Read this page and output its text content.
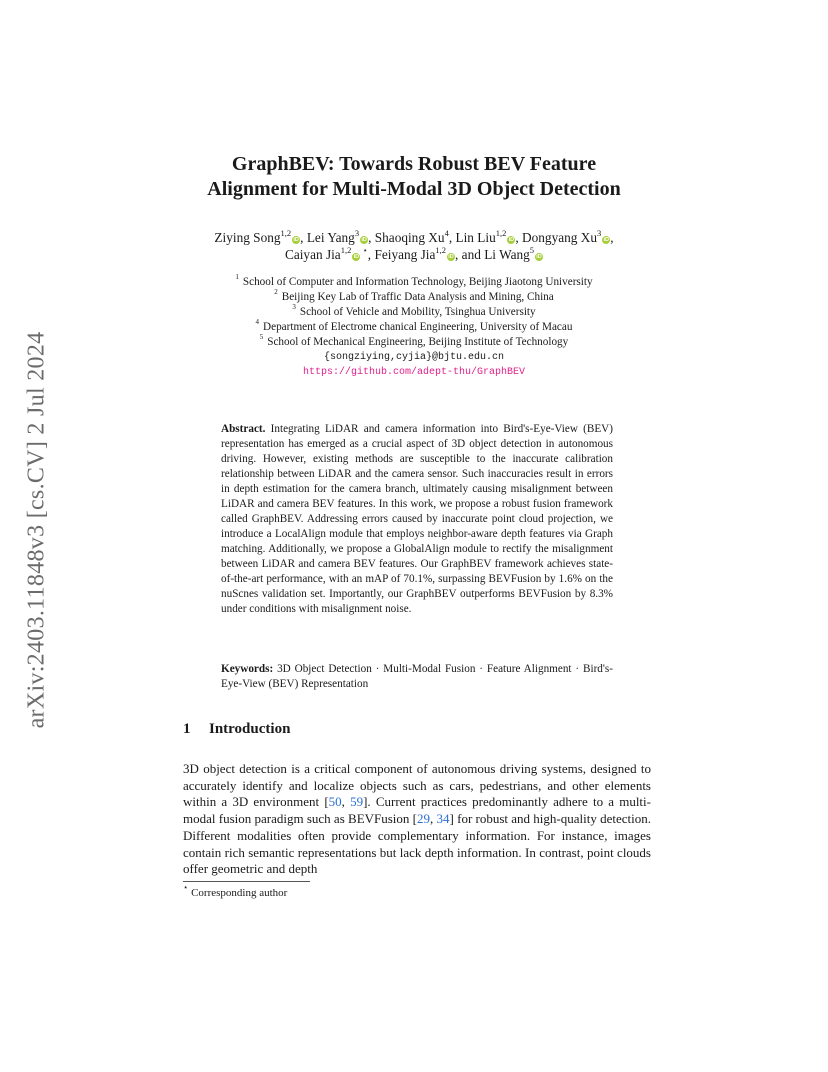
arXiv:2403.11848v3 [cs.CV] 2 Jul 2024
GraphBEV: Towards Robust BEV Feature
Alignment for Multi-Modal 3D Object Detection
Ziying Song$^{1,2}$iD, Lei Yang$^3$iD, Shaoqing Xu$^4$, Lin Liu$^{1,2}$iD, Dongyang Xu$^3$iD,
Caiyan Jia$^{1,2}$iD ⋆, Feiyang Jia$^{1,2}$iD, and Li Wang$^5$iD
$^1$ School of Computer and Information Technology, Beijing Jiaotong University
$^2$ Beijing Key Lab of Traffic Data Analysis and Mining, China
$^3$ School of Vehicle and Mobility, Tsinghua University
$^4$ Department of Electrome chanical Engineering, University of Macau
$^5$ School of Mechanical Engineering, Beijing Institute of Technology
{songziying,cyjia}@bjtu.edu.cn
https://github.com/adept-thu/GraphBEV
Abstract. Integrating LiDAR and camera information into Bird's-Eye-View (BEV) representation has emerged as a crucial aspect of 3D object detection in autonomous driving. However, existing methods are susceptible to the inaccurate calibration relationship between LiDAR and the camera sensor. Such inaccuracies result in errors in depth estimation for the camera branch, ultimately causing misalignment between LiDAR and camera BEV features. In this work, we propose a robust fusion framework called GraphBEV. Addressing errors caused by inaccurate point cloud projection, we introduce a LocalAlign module that employs neighbor-aware depth features via Graph matching. Additionally, we propose a GlobalAlign module to rectify the misalignment between LiDAR and camera BEV features. Our GraphBEV framework achieves state-of-the-art performance, with an mAP of 70.1%, surpassing BEVFusion by 1.6% on the nuScnes validation set. Importantly, our GraphBEV outperforms BEVFusion by 8.3% under conditions with misalignment noise.
Keywords: 3D Object Detection · Multi-Modal Fusion · Feature Alignment · Bird's-Eye-View (BEV) Representation
1 Introduction
3D object detection is a critical component of autonomous driving systems, designed to accurately identify and localize objects such as cars, pedestrians, and other elements within a 3D environment [50, 59]. Current practices predominantly adhere to a multi-modal fusion paradigm such as BEVFusion [29, 34] for robust and high-quality detection. Different modalities often provide complementary information. For instance, images contain rich semantic representations but lack depth information. In contrast, point clouds offer geometric and depth
⋆ Corresponding author
